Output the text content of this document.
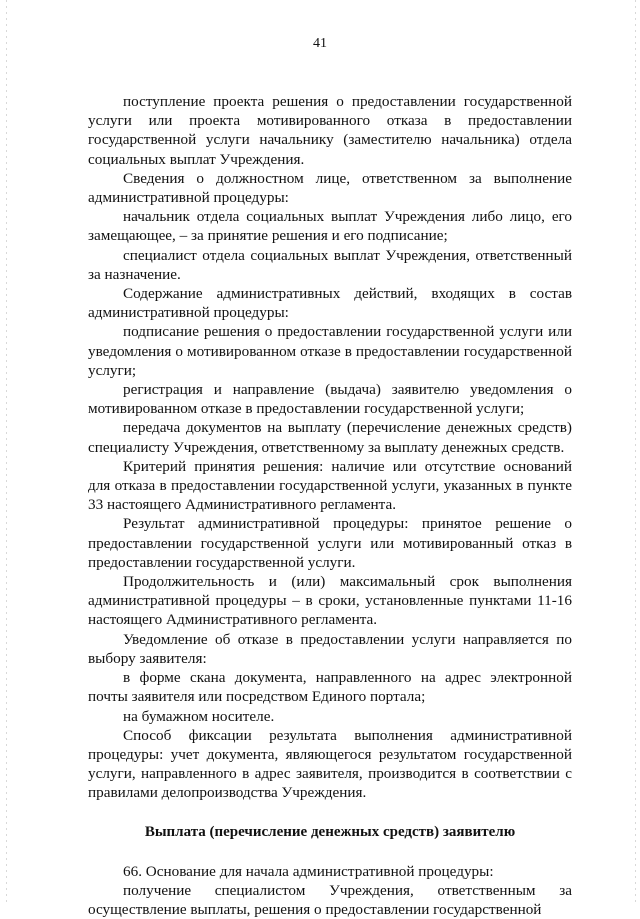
41

поступление проекта решения о предоставлении государственной услуги или проекта мотивированного отказа в предоставлении государственной услуги начальнику (заместителю начальника) отдела социальных выплат Учреждения.

Сведения о должностном лице, ответственном за выполнение административной процедуры:

начальник отдела социальных выплат Учреждения либо лицо, его замещающее, – за принятие решения и его подписание;

специалист отдела социальных выплат Учреждения, ответственный за назначение.

Содержание административных действий, входящих в состав административной процедуры:

подписание решения о предоставлении государственной услуги или уведомления о мотивированном отказе в предоставлении государственной услуги;

регистрация и направление (выдача) заявителю уведомления о мотивированном отказе в предоставлении государственной услуги;

передача документов на выплату (перечисление денежных средств) специалисту Учреждения, ответственному за выплату денежных средств.

Критерий принятия решения: наличие или отсутствие оснований для отказа в предоставлении государственной услуги, указанных в пункте 33 настоящего Административного регламента.

Результат административной процедуры: принятое решение о предоставлении государственной услуги или мотивированный отказ в предоставлении государственной услуги.

Продолжительность и (или) максимальный срок выполнения административной процедуры – в сроки, установленные пунктами 11-16 настоящего Административного регламента.

Уведомление об отказе в предоставлении услуги направляется по выбору заявителя:

в форме скана документа, направленного на адрес электронной почты заявителя или посредством Единого портала;

на бумажном носителе.

Способ фиксации результата выполнения административной процедуры: учет документа, являющегося результатом государственной услуги, направленного в адрес заявителя, производится в соответствии с правилами делопроизводства Учреждения.

Выплата (перечисление денежных средств) заявителю

66. Основание для начала административной процедуры:

получение специалистом Учреждения, ответственным за осуществление выплаты, решения о предоставлении государственной
